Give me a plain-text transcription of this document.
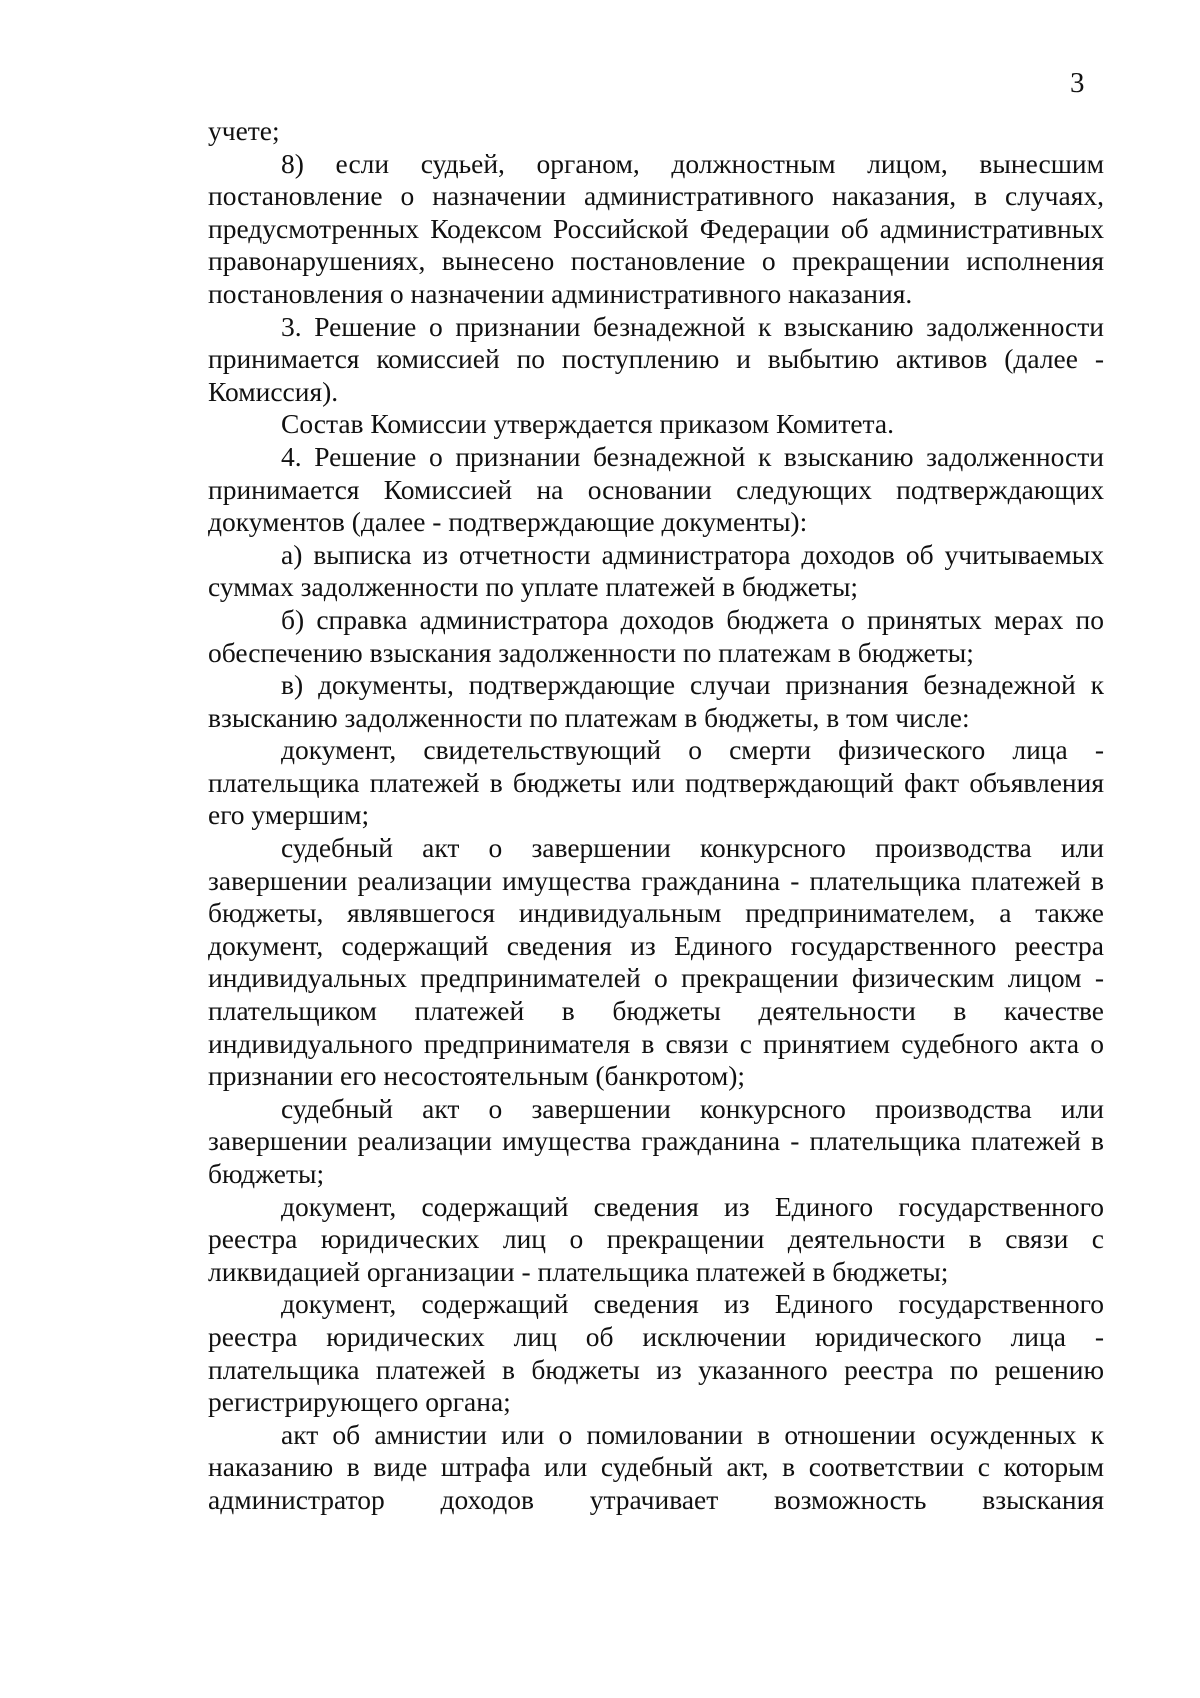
3

учете;

8) если судьей, органом, должностным лицом, вынесшим постановление о назначении административного наказания, в случаях, предусмотренных Кодексом Российской Федерации об административных правонарушениях, вынесено постановление о прекращении исполнения постановления о назначении административного наказания.

3. Решение о признании безнадежной к взысканию задолженности принимается комиссией по поступлению и выбытию активов (далее - Комиссия).

Состав Комиссии утверждается приказом Комитета.

4. Решение о признании безнадежной к взысканию задолженности принимается Комиссией на основании следующих подтверждающих документов (далее - подтверждающие документы):

а) выписка из отчетности администратора доходов об учитываемых суммах задолженности по уплате платежей в бюджеты;

б) справка администратора доходов бюджета о принятых мерах по обеспечению взыскания задолженности по платежам в бюджеты;

в) документы, подтверждающие случаи признания безнадежной к взысканию задолженности по платежам в бюджеты, в том числе:

документ, свидетельствующий о смерти физического лица - плательщика платежей в бюджеты или подтверждающий факт объявления его умершим;

судебный акт о завершении конкурсного производства или завершении реализации имущества гражданина - плательщика платежей в бюджеты, являвшегося индивидуальным предпринимателем, а также документ, содержащий сведения из Единого государственного реестра индивидуальных предпринимателей о прекращении физическим лицом - плательщиком платежей в бюджеты деятельности в качестве индивидуального предпринимателя в связи с принятием судебного акта о признании его несостоятельным (банкротом);

судебный акт о завершении конкурсного производства или завершении реализации имущества гражданина - плательщика платежей в бюджеты;

документ, содержащий сведения из Единого государственного реестра юридических лиц о прекращении деятельности в связи с ликвидацией организации - плательщика платежей в бюджеты;

документ, содержащий сведения из Единого государственного реестра юридических лиц об исключении юридического лица - плательщика платежей в бюджеты из указанного реестра по решению регистрирующего органа;

акт об амнистии или о помиловании в отношении осужденных к наказанию в виде штрафа или судебный акт, в соответствии с которым администратор доходов утрачивает возможность взыскания
